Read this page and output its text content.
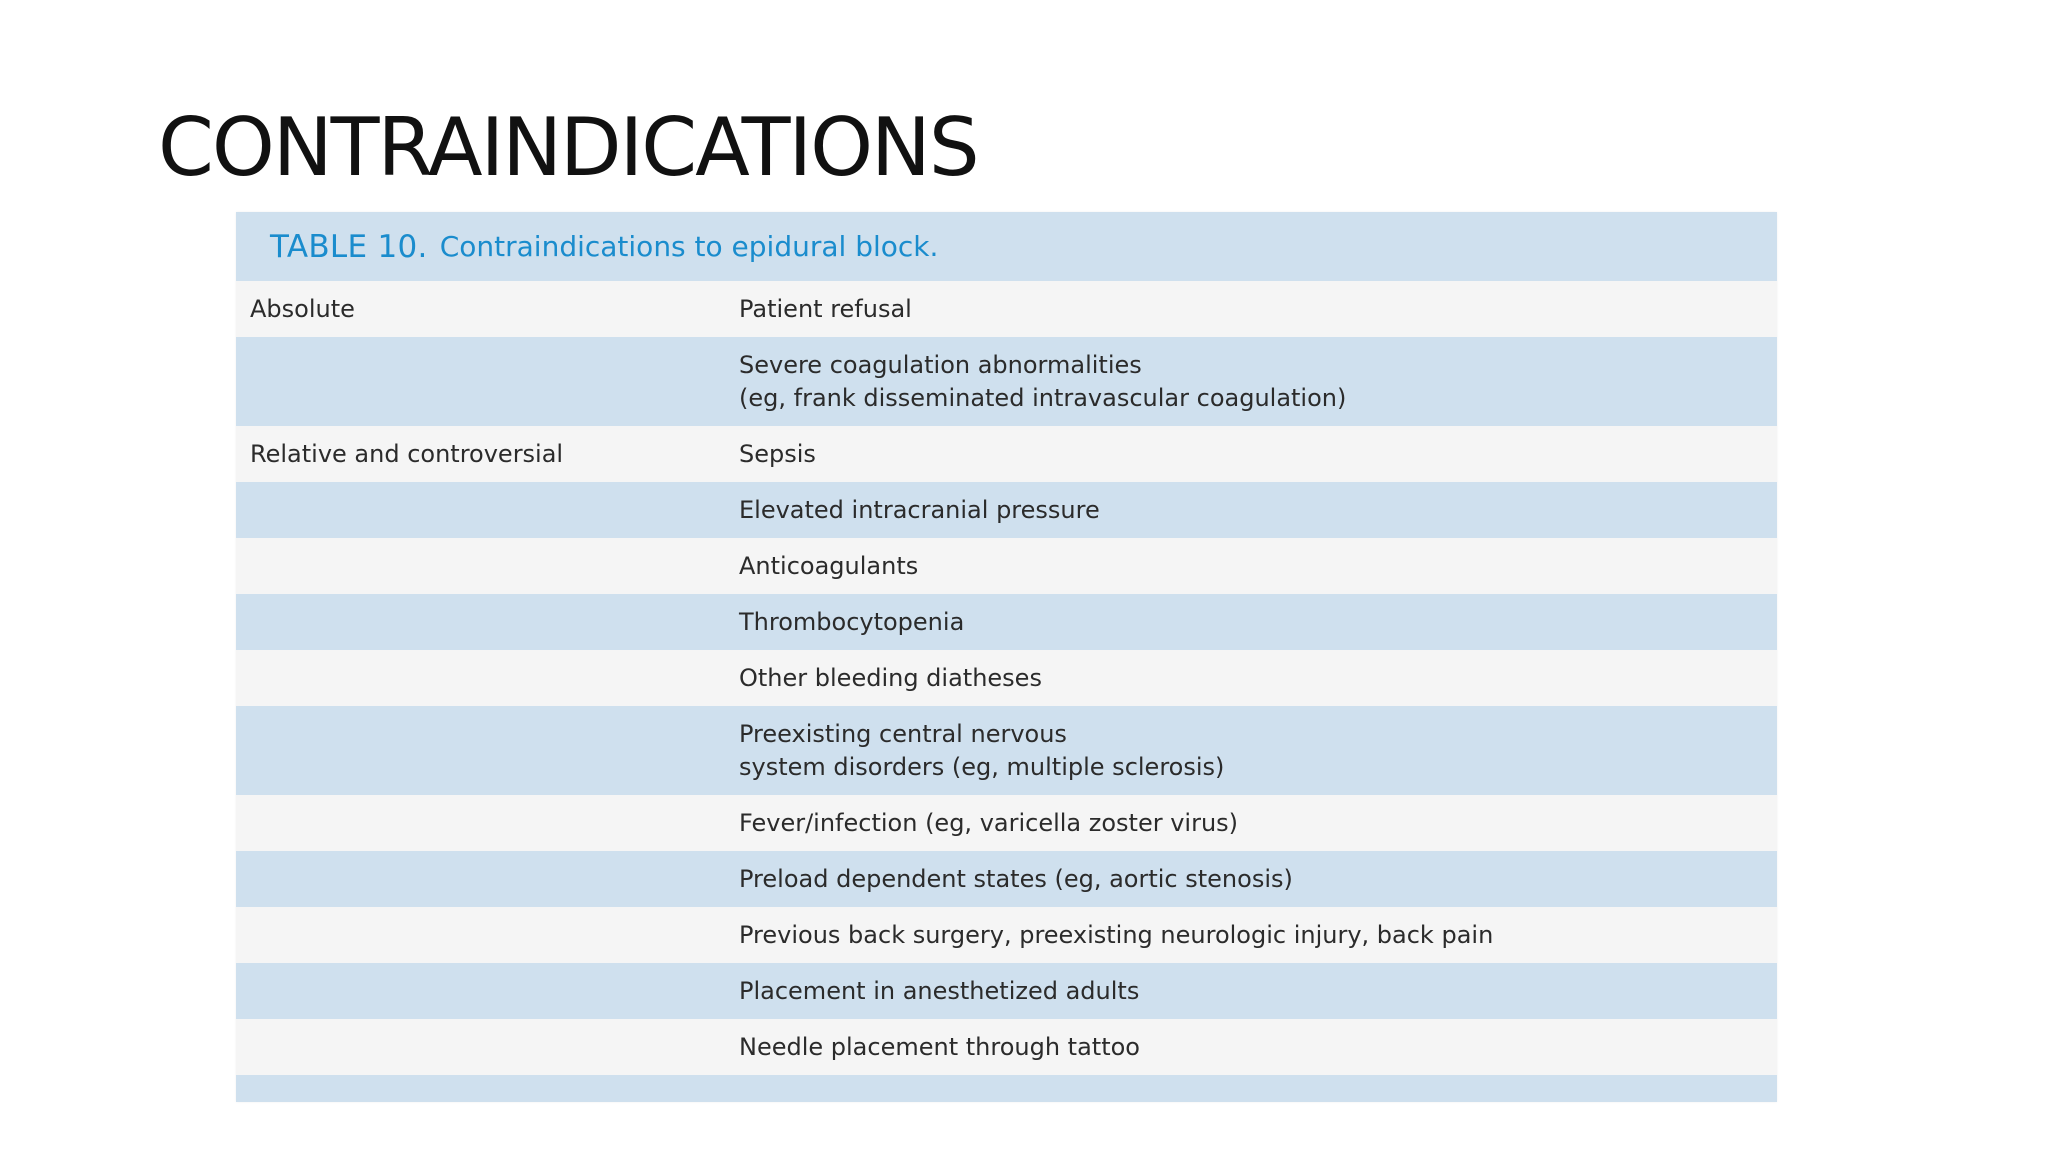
CONTRAINDICATIONS
TABLE 10. Contraindications to epidural block.
Absolute	Patient refusal
Severe coagulation abnormalities
(eg, frank disseminated intravascular coagulation)
Relative and controversial	Sepsis
Elevated intracranial pressure
Anticoagulants
Thrombocytopenia
Other bleeding diatheses
Preexisting central nervous
system disorders (eg, multiple sclerosis)
Fever/infection (eg, varicella zoster virus)
Preload dependent states (eg, aortic stenosis)
Previous back surgery, preexisting neurologic injury, back pain
Placement in anesthetized adults
Needle placement through tattoo
